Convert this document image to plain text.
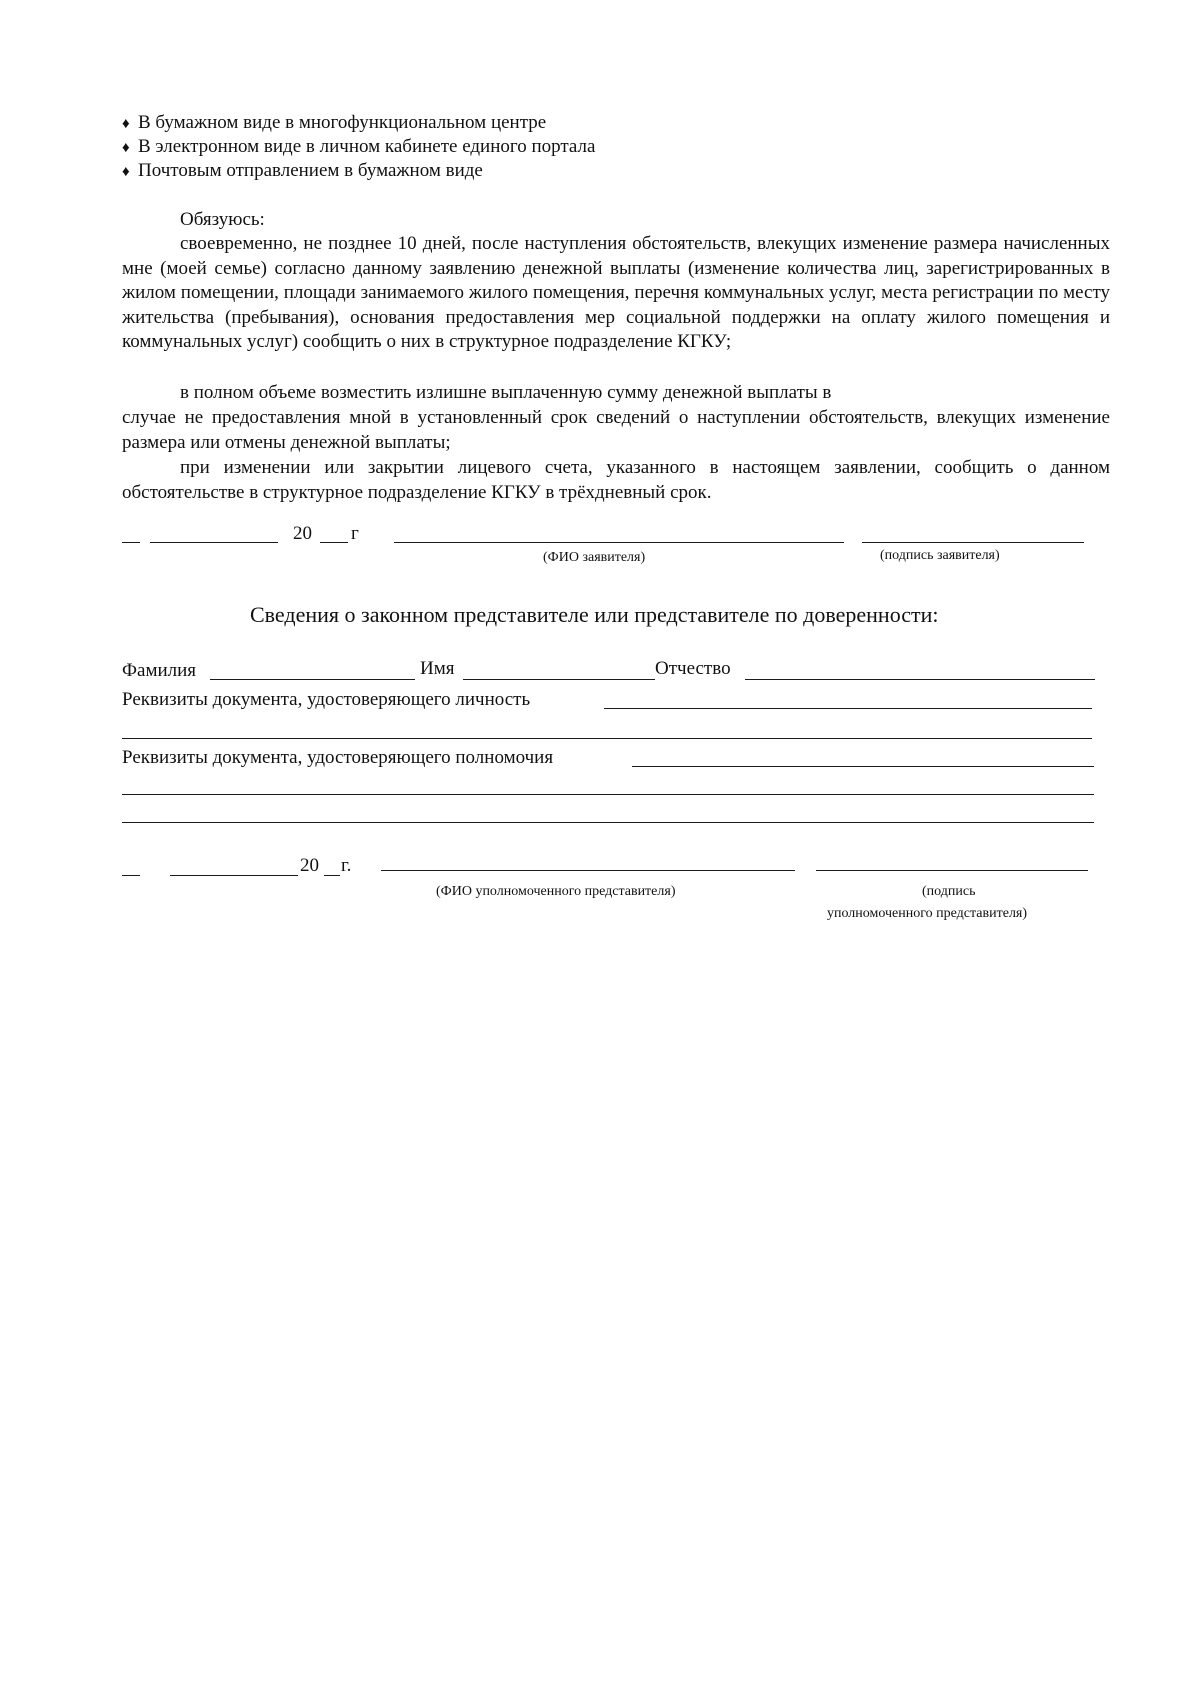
♦ В бумажном виде в многофункциональном центре
♦ В электронном виде в личном кабинете единого портала
♦ Почтовым отправлением в бумажном виде
Обязуюсь:
своевременно, не позднее 10 дней, после наступления обстоятельств, влекущих изменение размера начисленных мне (моей семье) согласно данному заявлению денежной выплаты (изменение количества лиц, зарегистрированных в жилом помещении, площади занимаемого жилого помещения, перечня коммунальных услуг, места регистрации по месту жительства (пребывания), основания предоставления мер социальной поддержки на оплату жилого помещения и коммунальных услуг) сообщить о них в структурное подразделение КГКУ;
в полном объеме возместить излишне выплаченную сумму денежной выплаты в
случае не предоставления мной в установленный срок сведений о наступлении обстоятельств, влекущих изменение размера или отмены денежной выплаты;
при изменении или закрытии лицевого счета, указанного в настоящем заявлении, сообщить о данном обстоятельстве в структурное подразделение КГКУ в трёхдневный срок.
20 г
(ФИО заявителя)	(подпись заявителя)
Сведения о законном представителе или представителе по доверенности:
Фамилия	Имя	Отчество
Реквизиты документа, удостоверяющего личность
Реквизиты документа, удостоверяющего полномочия
20 г.
(ФИО уполномоченного представителя)	(подпись
уполномоченного представителя)
